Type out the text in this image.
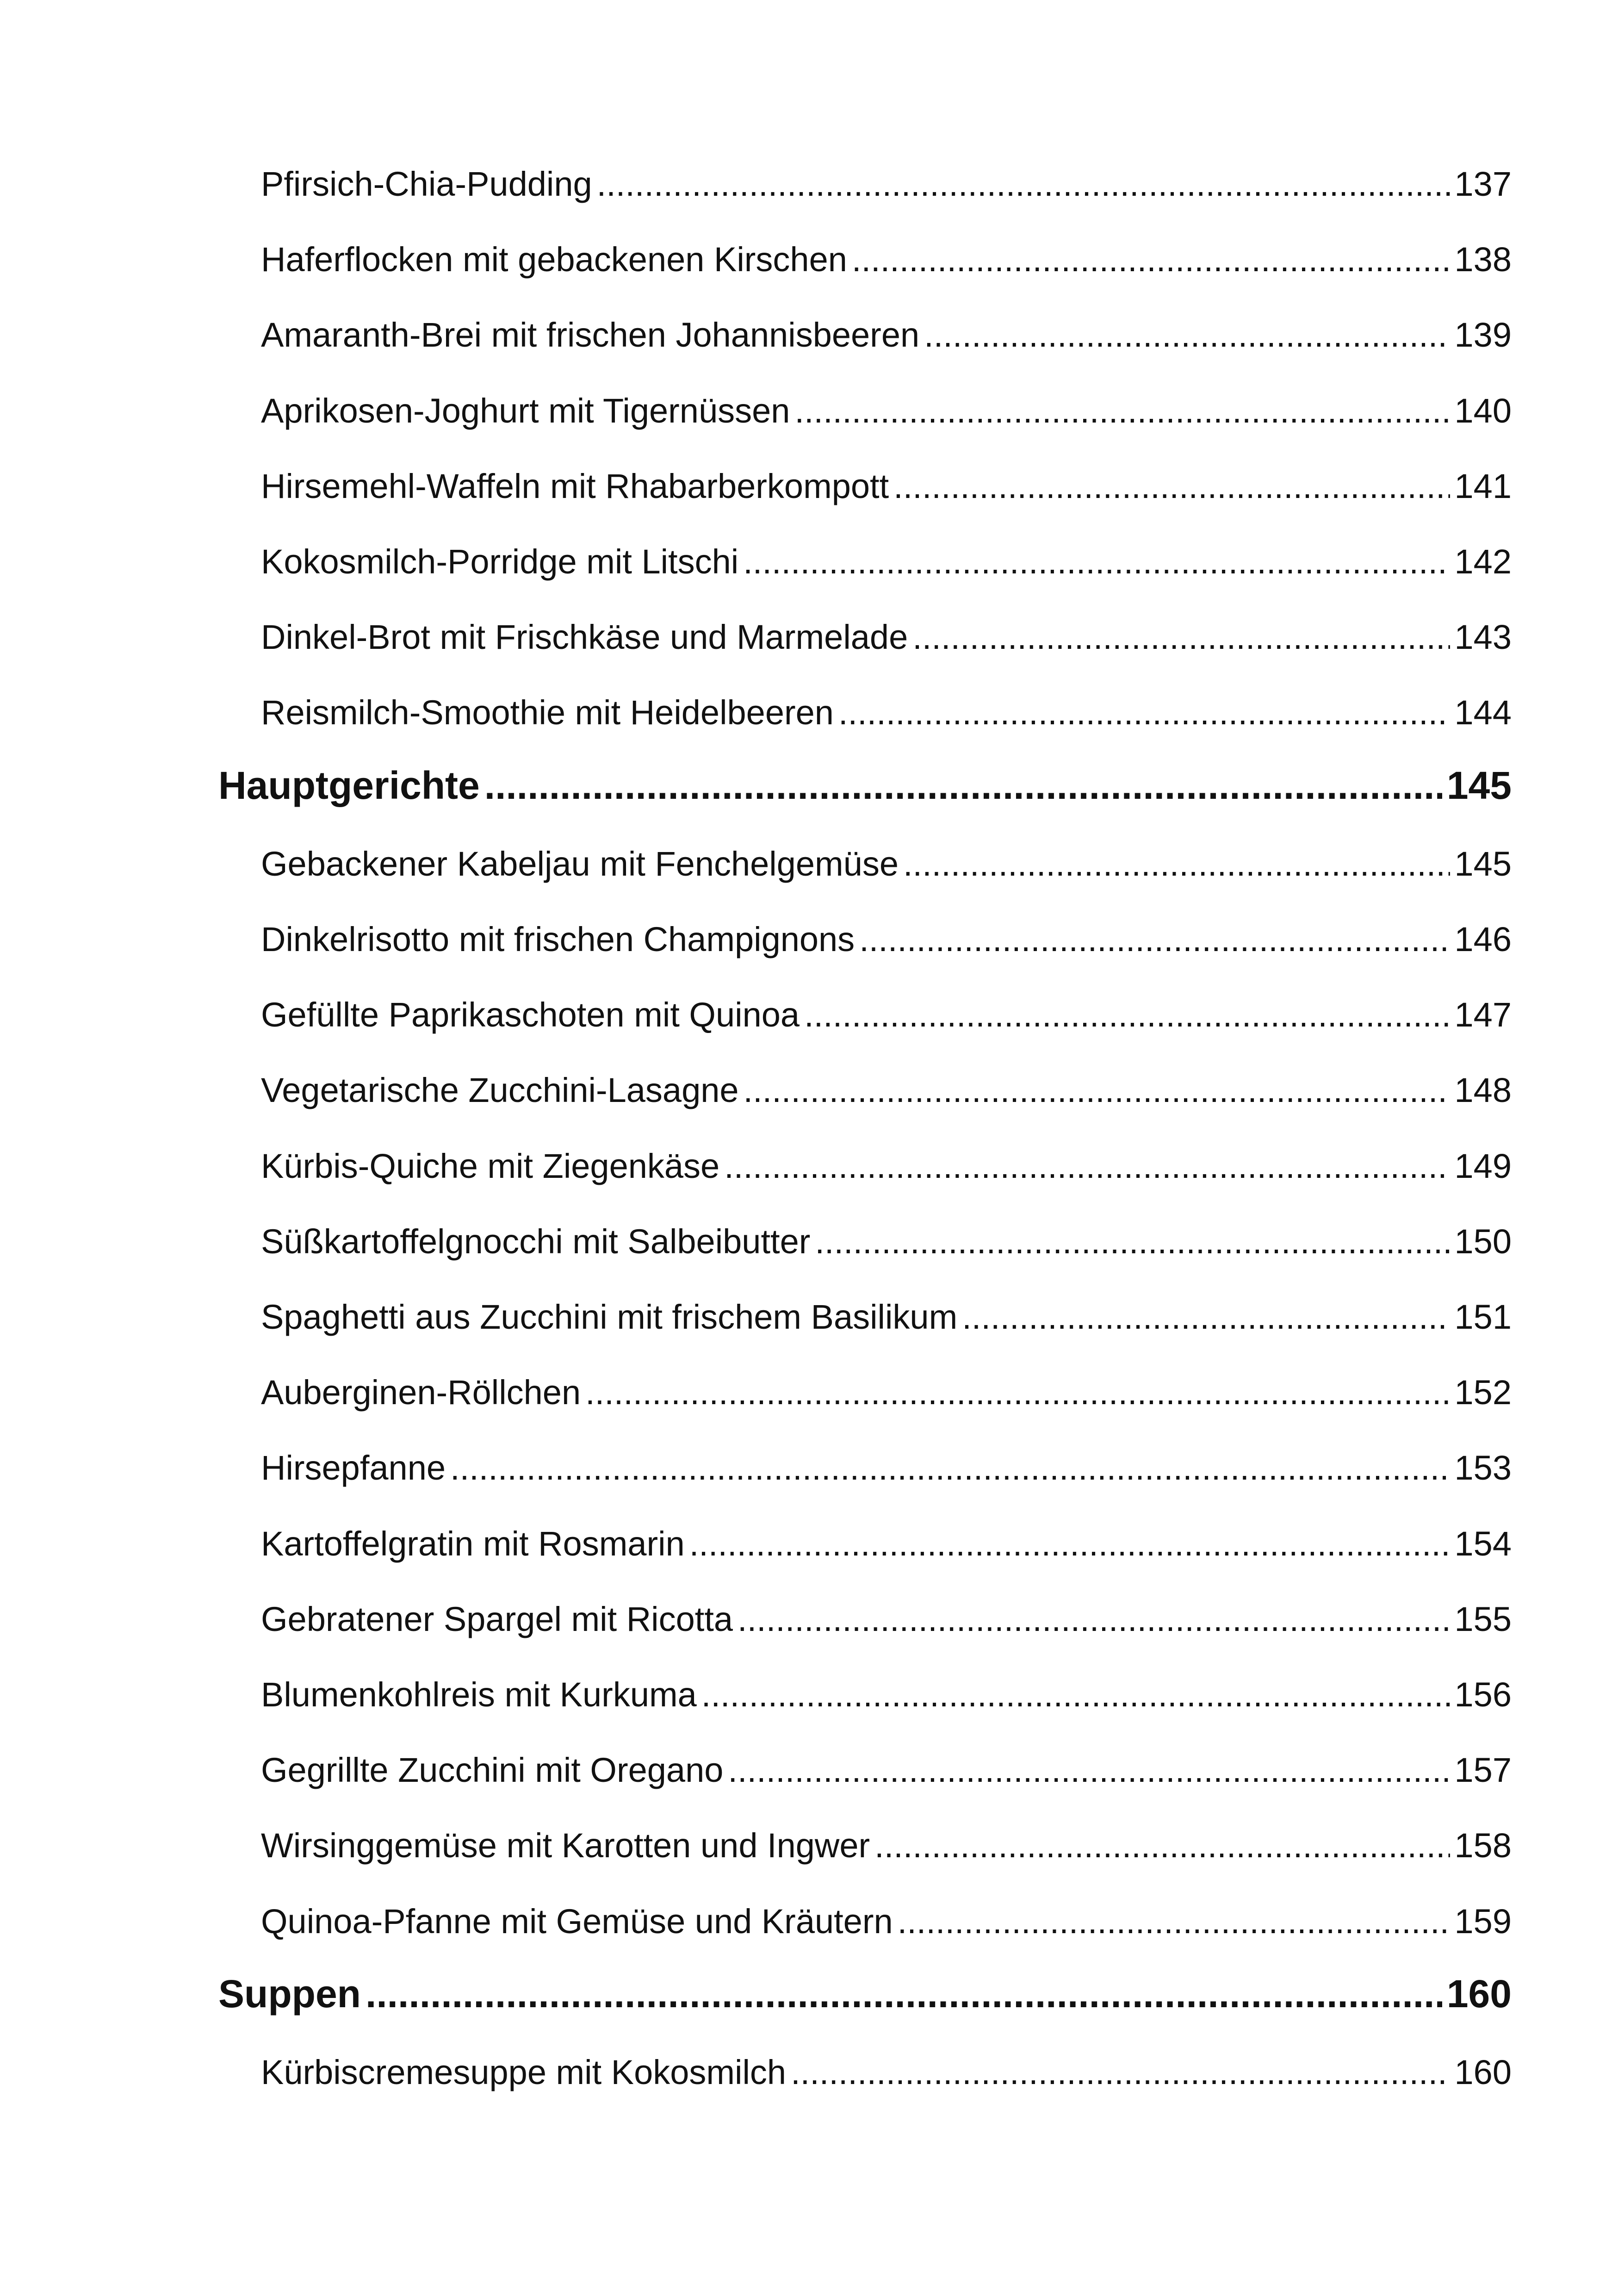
Pfirsich-Chia-Pudding .....	137
Haferflocken mit gebackenen Kirschen .....	138
Amaranth-Brei mit frischen Johannisbeeren .....	139
Aprikosen-Joghurt mit Tigernüssen .....	140
Hirsemehl-Waffeln mit Rhabarberkompott .....	141
Kokosmilch-Porridge mit Litschi .....	142
Dinkel-Brot mit Frischkäse und Marmelade .....	143
Reismilch-Smoothie mit Heidelbeeren .....	144
Hauptgerichte .....	145
Gebackener Kabeljau mit Fenchelgemüse .....	145
Dinkelrisotto mit frischen Champignons .....	146
Gefüllte Paprikaschoten mit Quinoa .....	147
Vegetarische Zucchini-Lasagne .....	148
Kürbis-Quiche mit Ziegenkäse .....	149
Süßkartoffelgnocchi mit Salbeibutter .....	150
Spaghetti aus Zucchini mit frischem Basilikum .....	151
Auberginen-Röllchen .....	152
Hirsepfanne .....	153
Kartoffelgratin mit Rosmarin .....	154
Gebratener Spargel mit Ricotta .....	155
Blumenkohlreis mit Kurkuma .....	156
Gegrillte Zucchini mit Oregano .....	157
Wirsinggemüse mit Karotten und Ingwer .....	158
Quinoa-Pfanne mit Gemüse und Kräutern .....	159
Suppen .....	160
Kürbiscremesuppe mit Kokosmilch .....	160
